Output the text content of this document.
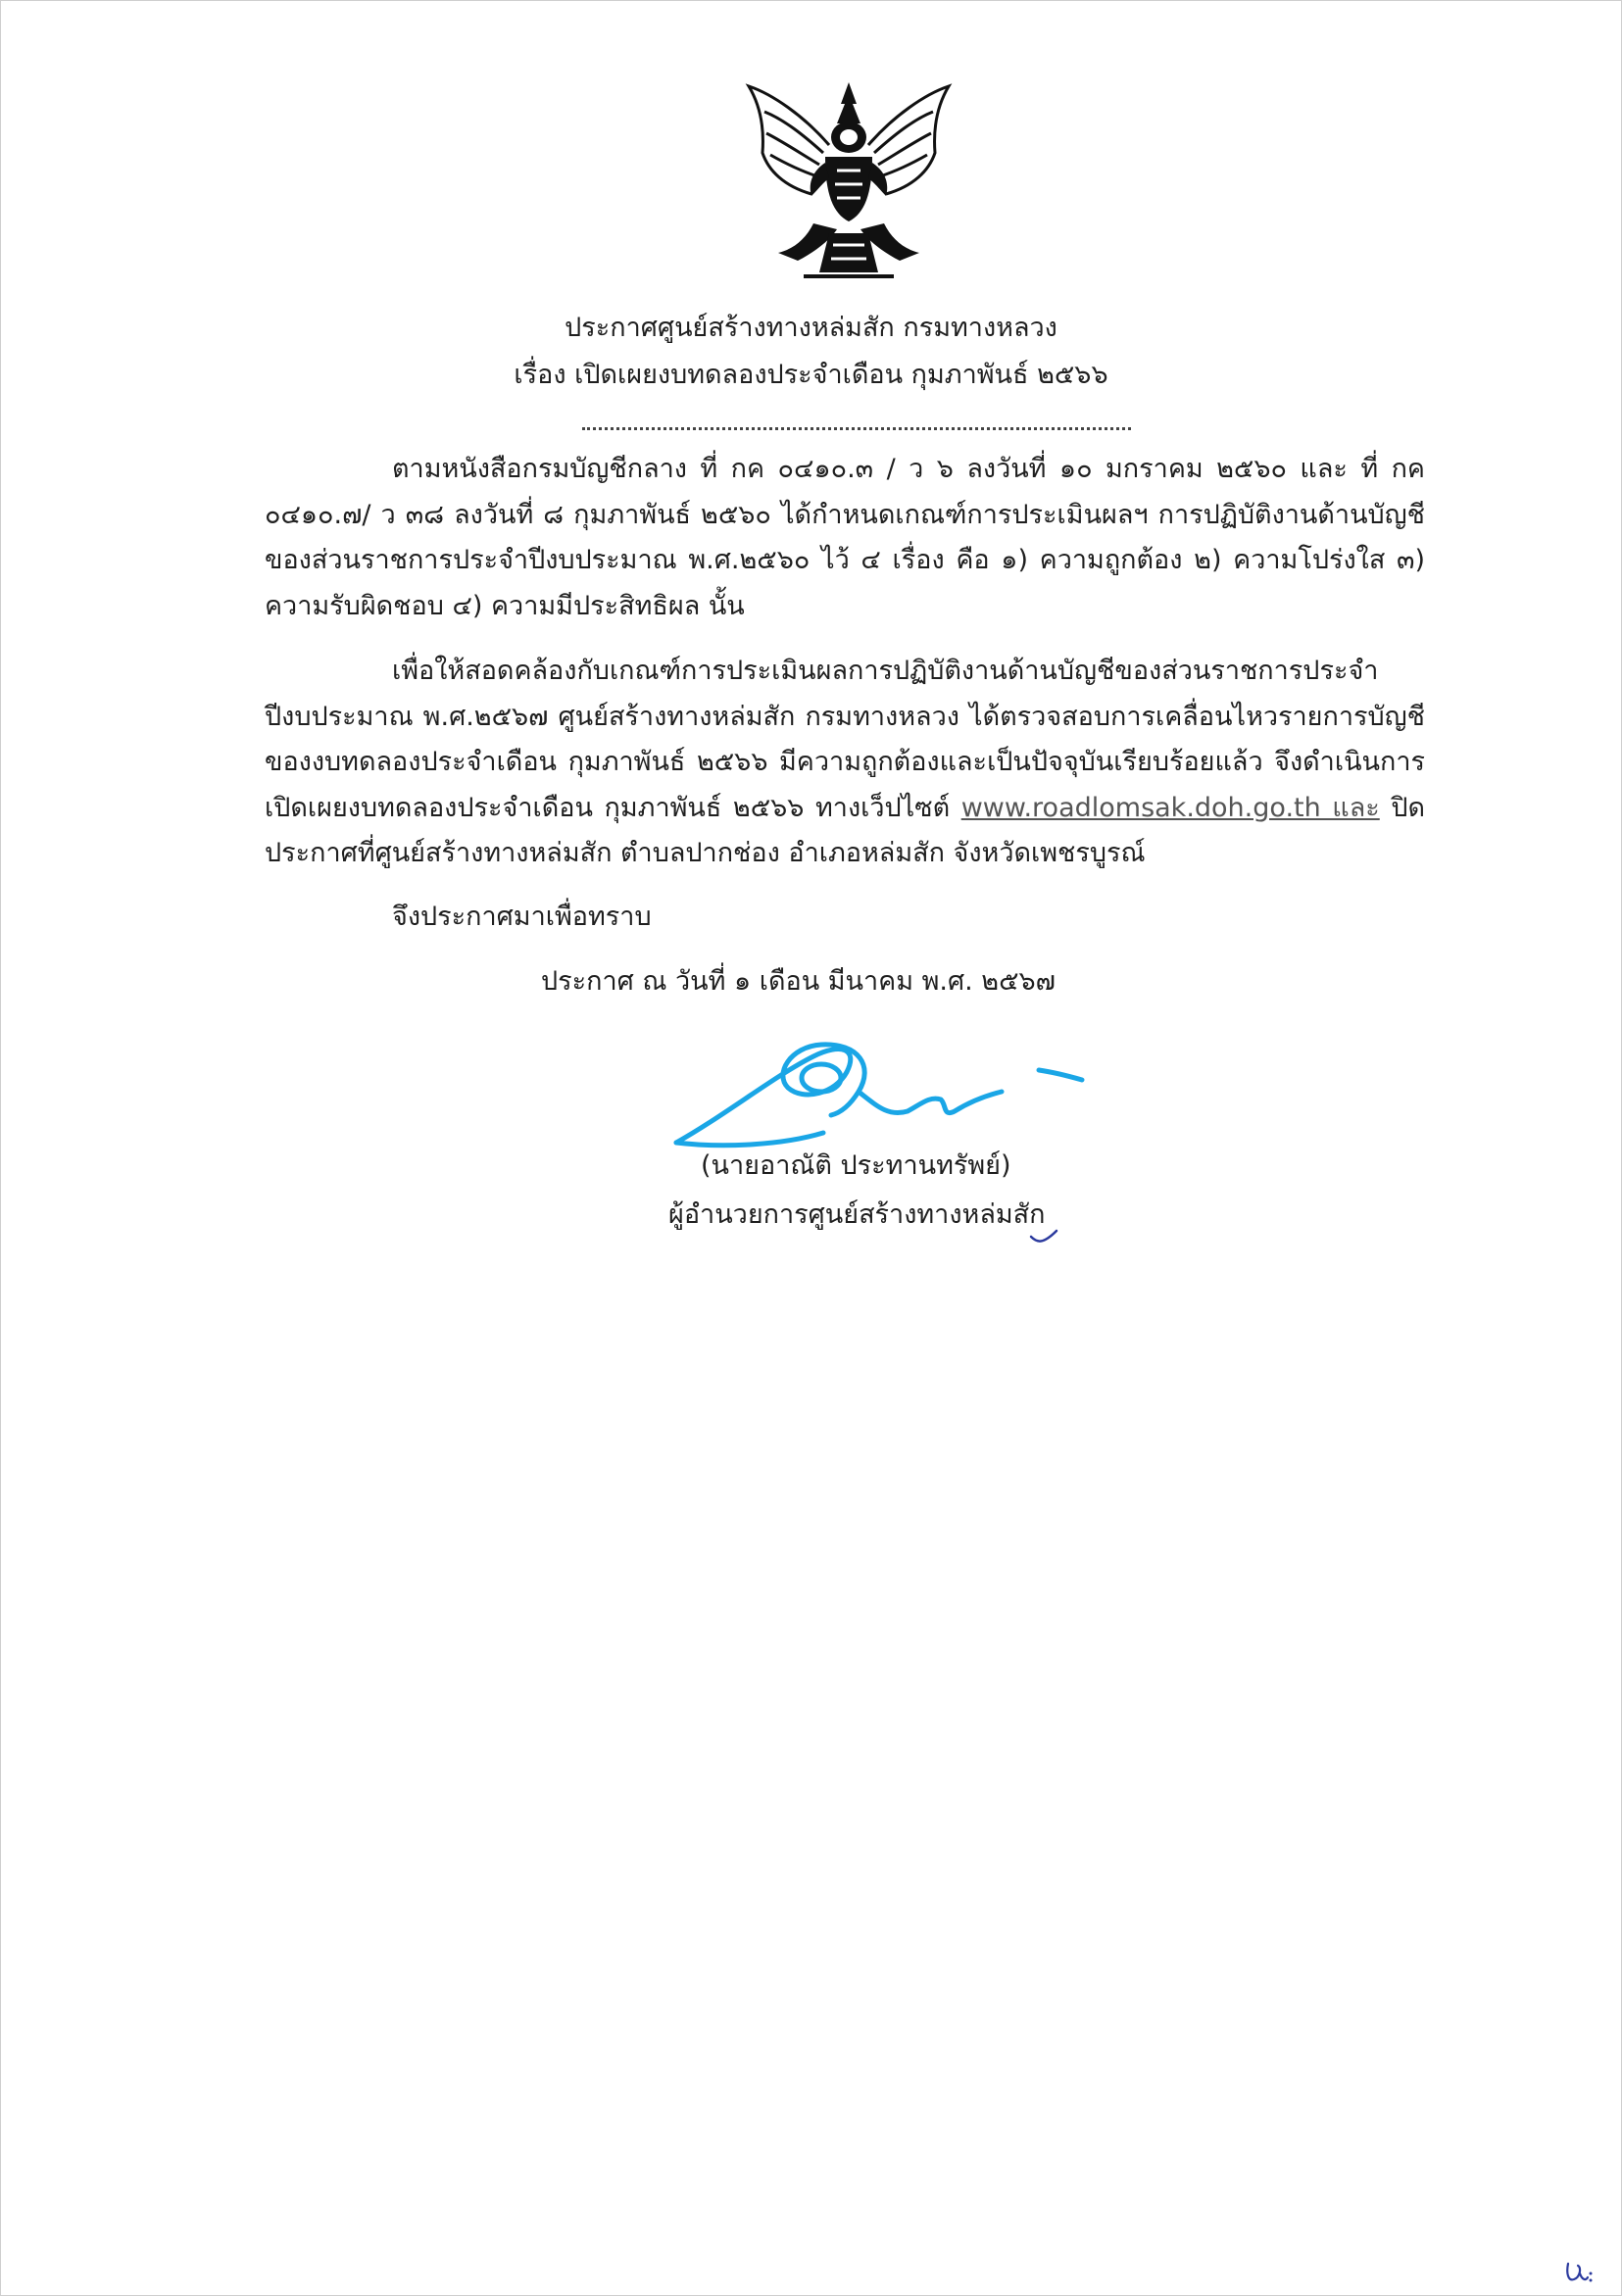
ประกาศศูนย์สร้างทางหล่มสัก กรมทางหลวง
เรื่อง เปิดเผยงบทดลองประจำเดือน กุมภาพันธ์ ๒๕๖๖

ตามหนังสือกรมบัญชีกลาง ที่ กค ๐๔๑๐.๓ / ว ๖ ลงวันที่ ๑๐ มกราคม ๒๕๖๐ และ ที่ กค ๐๔๑๐.๗/ ว ๓๘ ลงวันที่ ๘ กุมภาพันธ์ ๒๕๖๐ ได้กำหนดเกณฑ์การประเมินผลฯ การปฏิบัติงานด้านบัญชีของส่วนราชการประจำปีงบประมาณ พ.ศ.๒๕๖๐ ไว้ ๔ เรื่อง คือ ๑) ความถูกต้อง ๒) ความโปร่งใส ๓) ความรับผิดชอบ ๔) ความมีประสิทธิผล นั้น

เพื่อให้สอดคล้องกับเกณฑ์การประเมินผลการปฏิบัติงานด้านบัญชีของส่วนราชการประจำปีงบประมาณ พ.ศ.๒๕๖๗ ศูนย์สร้างทางหล่มสัก กรมทางหลวง ได้ตรวจสอบการเคลื่อนไหวรายการบัญชีของงบทดลองประจำเดือน กุมภาพันธ์ ๒๕๖๖ มีความถูกต้องและเป็นปัจจุบันเรียบร้อยแล้ว จึงดำเนินการเปิดเผยงบทดลองประจำเดือน กุมภาพันธ์ ๒๕๖๖ ทางเว็ปไซต์ www.roadlomsak.doh.go.th และ ปิดประกาศที่ศูนย์สร้างทางหล่มสัก ตำบลปากช่อง อำเภอหล่มสัก จังหวัดเพชรบูรณ์

จึงประกาศมาเพื่อทราบ
ประกาศ ณ วันที่ ๑ เดือน มีนาคม พ.ศ. ๒๕๖๗
(นายอาณัติ ประทานทรัพย์)
ผู้อำนวยการศูนย์สร้างทางหล่มสัก
